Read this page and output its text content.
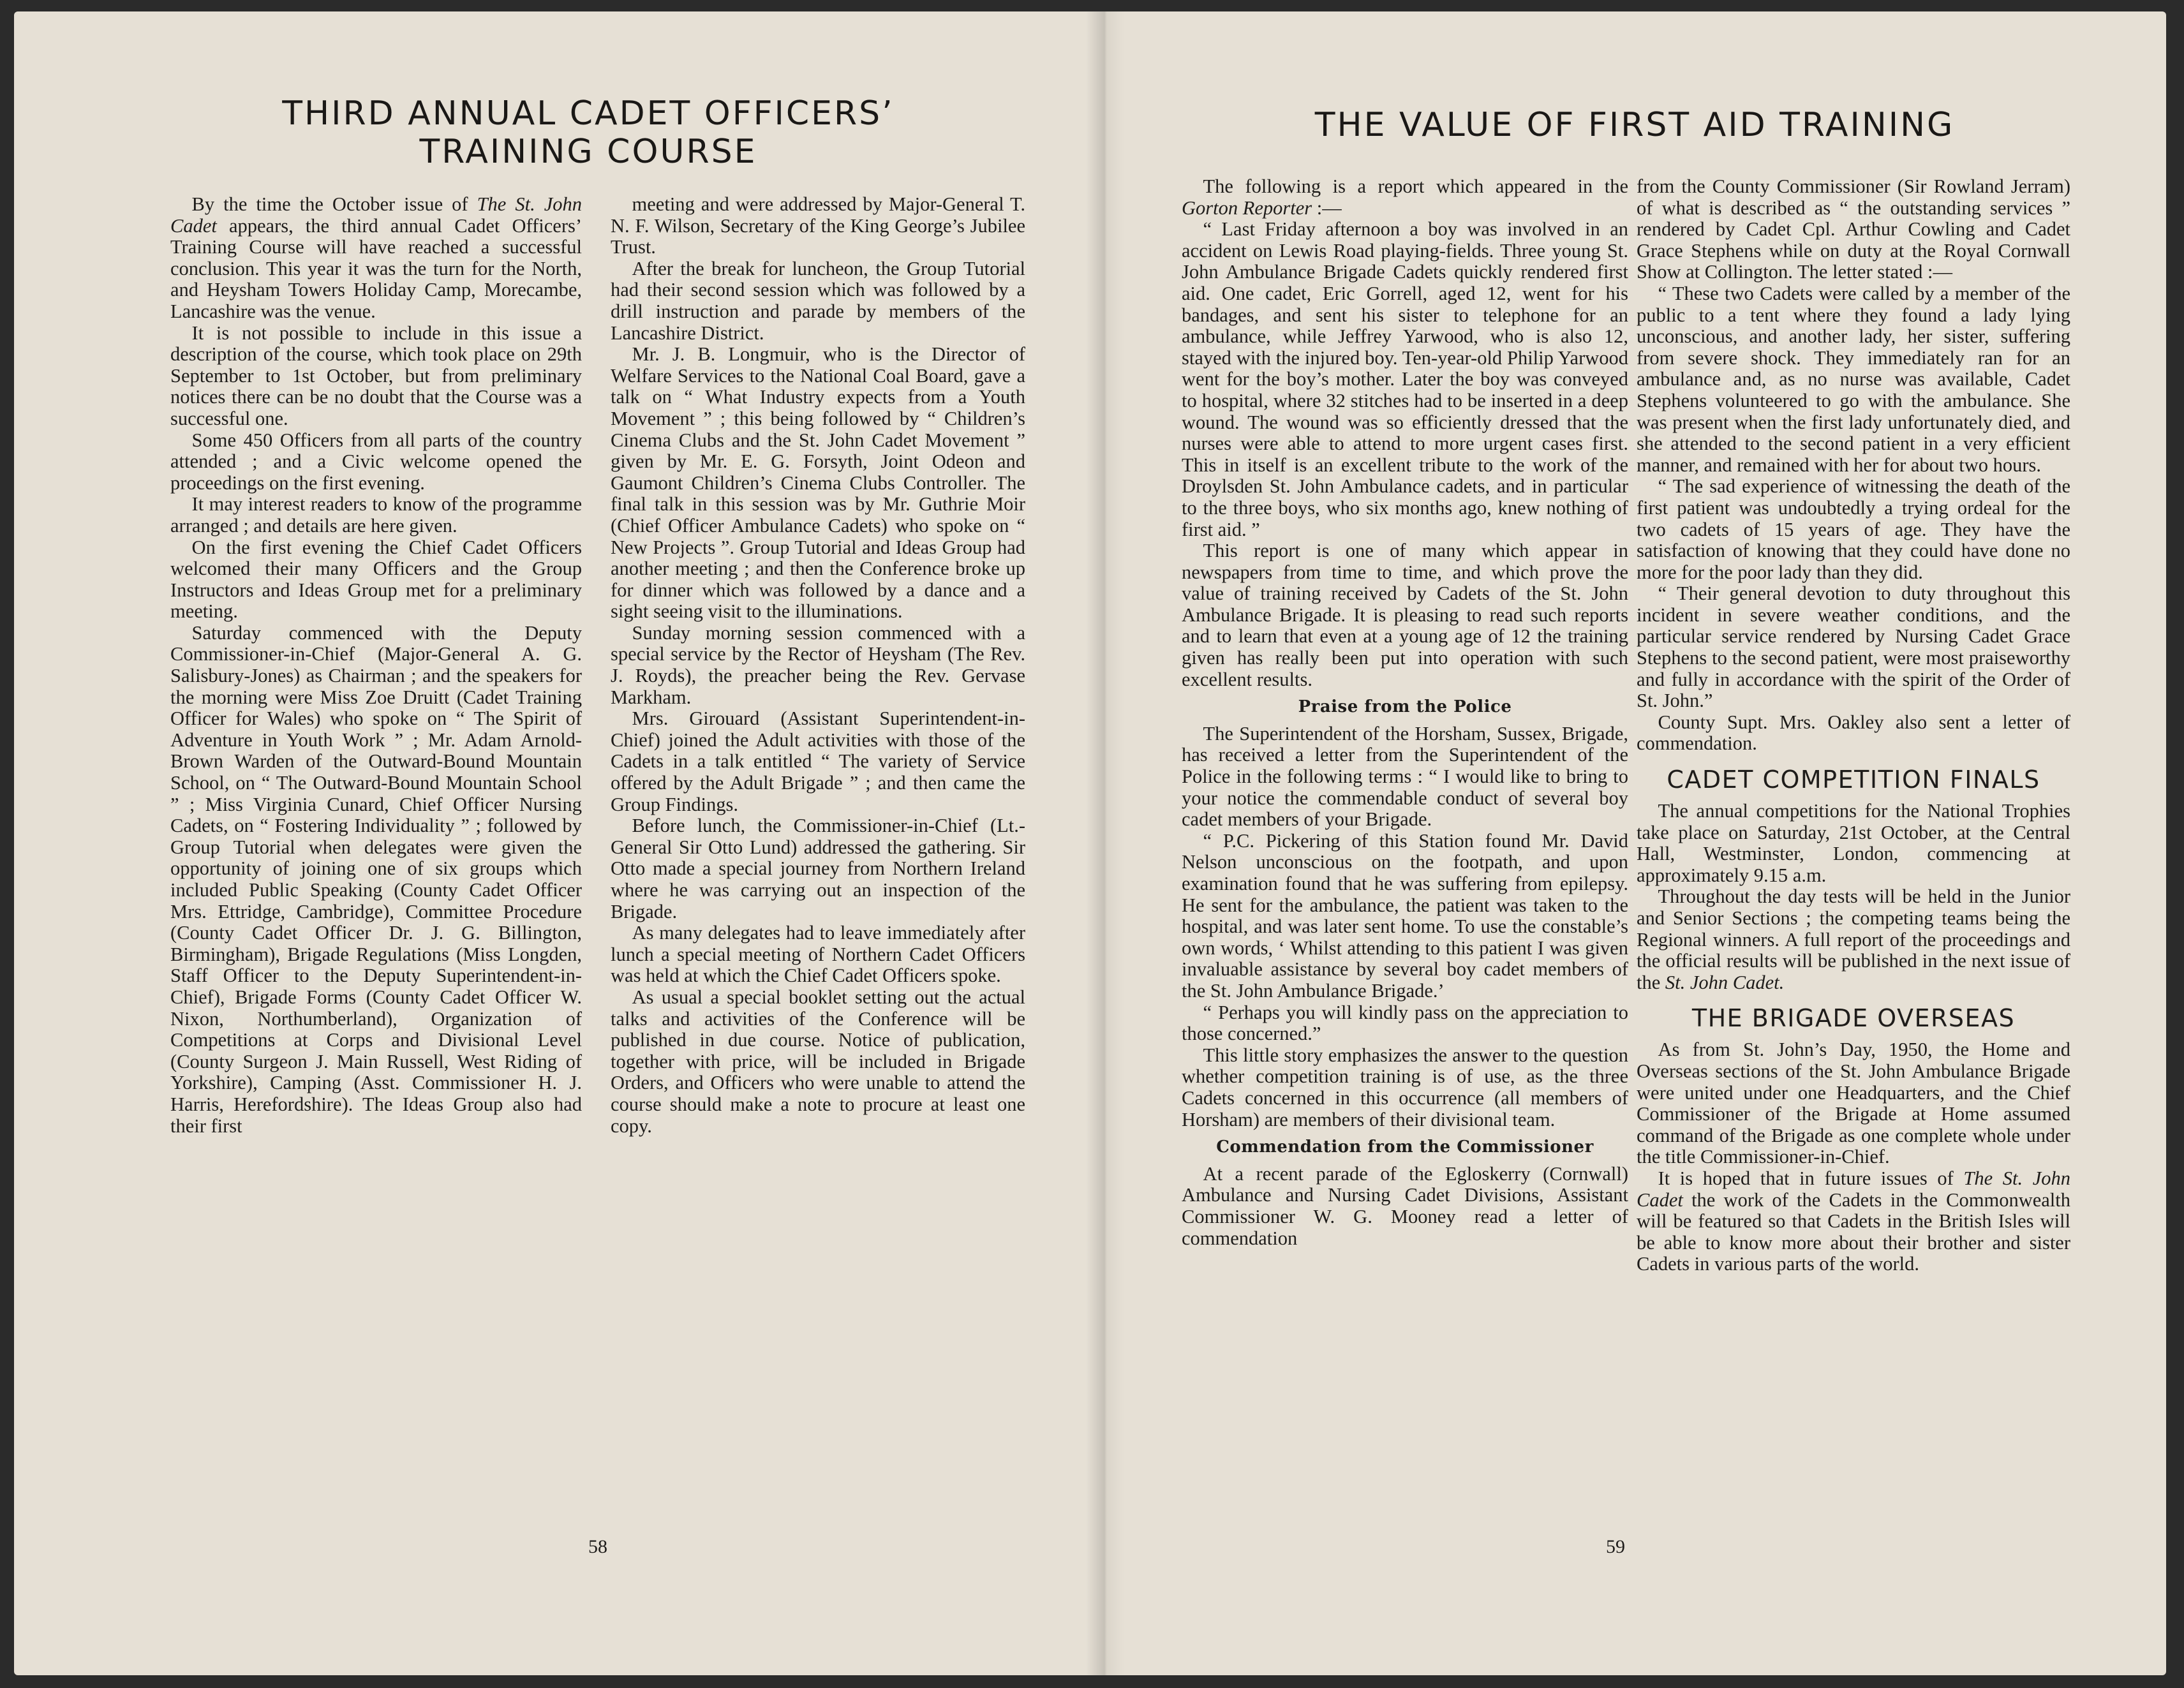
THIRD ANNUAL CADET OFFICERS’
TRAINING COURSE

By the time the October issue of The St. John Cadet appears, the third annual Cadet Officers’ Training Course will have reached a successful conclusion. This year it was the turn for the North, and Heysham Towers Holiday Camp, Morecambe, Lancashire was the venue.

It is not possible to include in this issue a description of the course, which took place on 29th September to 1st October, but from preliminary notices there can be no doubt that the Course was a successful one.

Some 450 Officers from all parts of the country attended ; and a Civic welcome opened the proceedings on the first evening.

It may interest readers to know of the programme arranged ; and details are here given.

On the first evening the Chief Cadet Officers welcomed their many Officers and the Group Instructors and Ideas Group met for a preliminary meeting.

Saturday commenced with the Deputy Commissioner-in-Chief (Major-General A. G. Salisbury-Jones) as Chairman ; and the speakers for the morning were Miss Zoe Druitt (Cadet Training Officer for Wales) who spoke on “ The Spirit of Adventure in Youth Work ” ; Mr. Adam Arnold-Brown Warden of the Outward-Bound Mountain School, on “ The Outward-Bound Mountain School ” ; Miss Virginia Cunard, Chief Officer Nursing Cadets, on “ Fostering Individuality ” ; followed by Group Tutorial when delegates were given the opportunity of joining one of six groups which included Public Speaking (County Cadet Officer Mrs. Ettridge, Cambridge), Committee Procedure (County Cadet Officer Dr. J. G. Billington, Birmingham), Brigade Regulations (Miss Longden, Staff Officer to the Deputy Superintendent-in-Chief), Brigade Forms (County Cadet Officer W. Nixon, Northumberland), Organization of Competitions at Corps and Divisional Level (County Surgeon J. Main Russell, West Riding of Yorkshire), Camping (Asst. Commissioner H. J. Harris, Herefordshire). The Ideas Group also had their first

meeting and were addressed by Major-General T. N. F. Wilson, Secretary of the King George’s Jubilee Trust.

After the break for luncheon, the Group Tutorial had their second session which was followed by a drill instruction and parade by members of the Lancashire District.

Mr. J. B. Longmuir, who is the Director of Welfare Services to the National Coal Board, gave a talk on “ What Industry expects from a Youth Movement ” ; this being followed by “ Children’s Cinema Clubs and the St. John Cadet Movement ” given by Mr. E. G. Forsyth, Joint Odeon and Gaumont Children’s Cinema Clubs Controller. The final talk in this session was by Mr. Guthrie Moir (Chief Officer Ambulance Cadets) who spoke on “ New Projects ”. Group Tutorial and Ideas Group had another meeting ; and then the Conference broke up for dinner which was followed by a dance and a sight seeing visit to the illuminations.

Sunday morning session commenced with a special service by the Rector of Heysham (The Rev. J. Royds), the preacher being the Rev. Gervase Markham.

Mrs. Girouard (Assistant Superintendent-in-Chief) joined the Adult activities with those of the Cadets in a talk entitled “ The variety of Service offered by the Adult Brigade ” ; and then came the Group Findings.

Before lunch, the Commissioner-in-Chief (Lt.-General Sir Otto Lund) addressed the gathering. Sir Otto made a special journey from Northern Ireland where he was carrying out an inspection of the Brigade.

As many delegates had to leave immediately after lunch a special meeting of Northern Cadet Officers was held at which the Chief Cadet Officers spoke.

As usual a special booklet setting out the actual talks and activities of the Conference will be published in due course. Notice of publication, together with price, will be included in Brigade Orders, and Officers who were unable to attend the course should make a note to procure at least one copy.

58
THE VALUE OF FIRST AID TRAINING

The following is a report which appeared in the Gorton Reporter :—

“ Last Friday afternoon a boy was involved in an accident on Lewis Road playing-fields. Three young St. John Ambulance Brigade Cadets quickly rendered first aid. One cadet, Eric Gorrell, aged 12, went for his bandages, and sent his sister to telephone for an ambulance, while Jeffrey Yarwood, who is also 12, stayed with the injured boy. Ten-year-old Philip Yarwood went for the boy’s mother. Later the boy was conveyed to hospital, where 32 stitches had to be inserted in a deep wound. The wound was so efficiently dressed that the nurses were able to attend to more urgent cases first. This in itself is an excellent tribute to the work of the Droylsden St. John Ambulance cadets, and in particular to the three boys, who six months ago, knew nothing of first aid. ”

This report is one of many which appear in newspapers from time to time, and which prove the value of training received by Cadets of the St. John Ambulance Brigade. It is pleasing to read such reports and to learn that even at a young age of 12 the training given has really been put into operation with such excellent results.

Praise from the Police

The Superintendent of the Horsham, Sussex, Brigade, has received a letter from the Superintendent of the Police in the following terms : “ I would like to bring to your notice the commendable conduct of several boy cadet members of your Brigade.

“ P.C. Pickering of this Station found Mr. David Nelson unconscious on the footpath, and upon examination found that he was suffering from epilepsy. He sent for the ambulance, the patient was taken to the hospital, and was later sent home. To use the constable’s own words, ‘ Whilst attending to this patient I was given invaluable assistance by several boy cadet members of the St. John Ambulance Brigade.’

“ Perhaps you will kindly pass on the appreciation to those concerned.”

This little story emphasizes the answer to the question whether competition training is of use, as the three Cadets concerned in this occurrence (all members of Horsham) are members of their divisional team.

Commendation from the Commissioner

At a recent parade of the Egloskerry (Cornwall) Ambulance and Nursing Cadet Divisions, Assistant Commissioner W. G. Mooney read a letter of commendation

from the County Commissioner (Sir Rowland Jerram) of what is described as “ the outstanding services ” rendered by Cadet Cpl. Arthur Cowling and Cadet Grace Stephens while on duty at the Royal Cornwall Show at Collington. The letter stated :—

“ These two Cadets were called by a member of the public to a tent where they found a lady lying unconscious, and another lady, her sister, suffering from severe shock. They immediately ran for an ambulance and, as no nurse was available, Cadet Stephens volunteered to go with the ambulance. She was present when the first lady unfortunately died, and she attended to the second patient in a very efficient manner, and remained with her for about two hours.

“ The sad experience of witnessing the death of the first patient was undoubtedly a trying ordeal for the two cadets of 15 years of age. They have the satisfaction of knowing that they could have done no more for the poor lady than they did.

“ Their general devotion to duty throughout this incident in severe weather conditions, and the particular service rendered by Nursing Cadet Grace Stephens to the second patient, were most praiseworthy and fully in accordance with the spirit of the Order of St. John.”

County Supt. Mrs. Oakley also sent a letter of commendation.

CADET COMPETITION FINALS

The annual competitions for the National Trophies take place on Saturday, 21st October, at the Central Hall, Westminster, London, commencing at approximately 9.15 a.m.

Throughout the day tests will be held in the Junior and Senior Sections ; the competing teams being the Regional winners. A full report of the proceedings and the official results will be published in the next issue of the St. John Cadet.

THE BRIGADE OVERSEAS

As from St. John’s Day, 1950, the Home and Overseas sections of the St. John Ambulance Brigade were united under one Headquarters, and the Chief Commissioner of the Brigade at Home assumed command of the Brigade as one complete whole under the title Commissioner-in-Chief.

It is hoped that in future issues of The St. John Cadet the work of the Cadets in the Commonwealth will be featured so that Cadets in the British Isles will be able to know more about their brother and sister Cadets in various parts of the world.

59
